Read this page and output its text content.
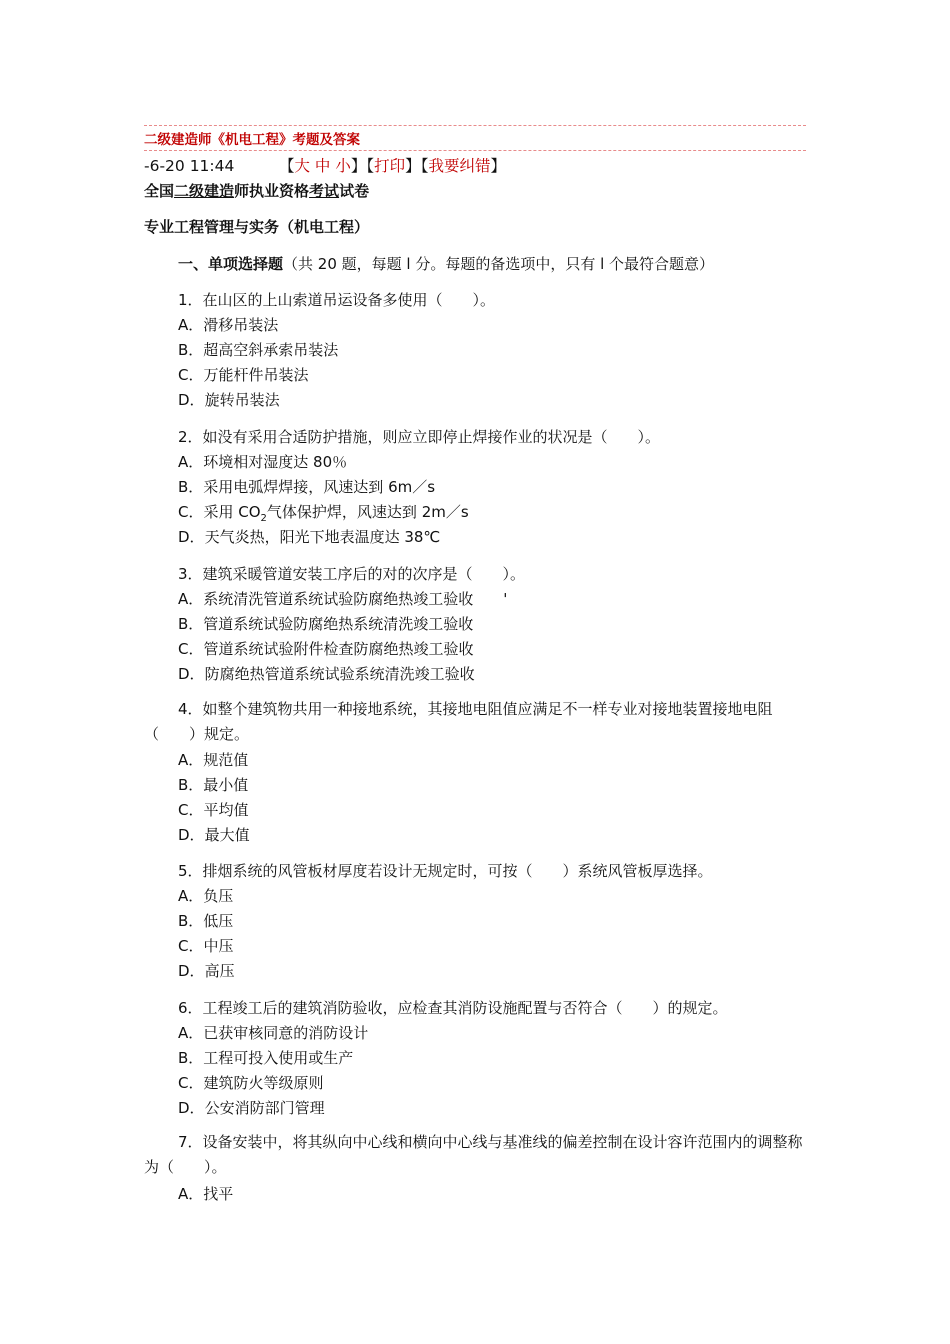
二级建造师《机电工程》考题及答案
-6-20 11:44	【大 中 小】【打印】【我要纠错】
全国二级建造师执业资格考试试卷
专业工程管理与实务（机电工程）
一、单项选择题（共 20 题，每题 l 分。每题的备选项中，只有 l 个最符合题意）
1．在山区的上山索道吊运设备多使用（　　）。
A．滑移吊装法
B．超高空斜承索吊装法
C．万能杆件吊装法
D．旋转吊装法
2．如没有采用合适防护措施，则应立即停止焊接作业的状况是（　　）。
A．环境相对湿度达 80％
B．采用电弧焊焊接，风速达到 6m／s
C．采用 $CO_2$气体保护焊，风速达到 2m／s
D．天气炎热，阳光下地表温度达 38℃
3．建筑采暖管道安装工序后的对的次序是（　　）。
A．系统清洗管道系统试验防腐绝热竣工验收 '
B．管道系统试验防腐绝热系统清洗竣工验收
C．管道系统试验附件检查防腐绝热竣工验收
D．防腐绝热管道系统试验系统清洗竣工验收
4．如整个建筑物共用一种接地系统，其接地电阻值应满足不一样专业对接地装置接地电阻（　　）规定。
A．规范值
B．最小值
C．平均值
D．最大值
5．排烟系统的风管板材厚度若设计无规定时，可按（　　）系统风管板厚选择。
A．负压
B．低压
C．中压
D．高压
6．工程竣工后的建筑消防验收，应检查其消防设施配置与否符合（　　）的规定。
A．已获审核同意的消防设计
B．工程可投入使用或生产
C．建筑防火等级原则
D．公安消防部门管理
7．设备安装中，将其纵向中心线和横向中心线与基准线的偏差控制在设计容许范围内的调整称为（　　）。
A．找平
